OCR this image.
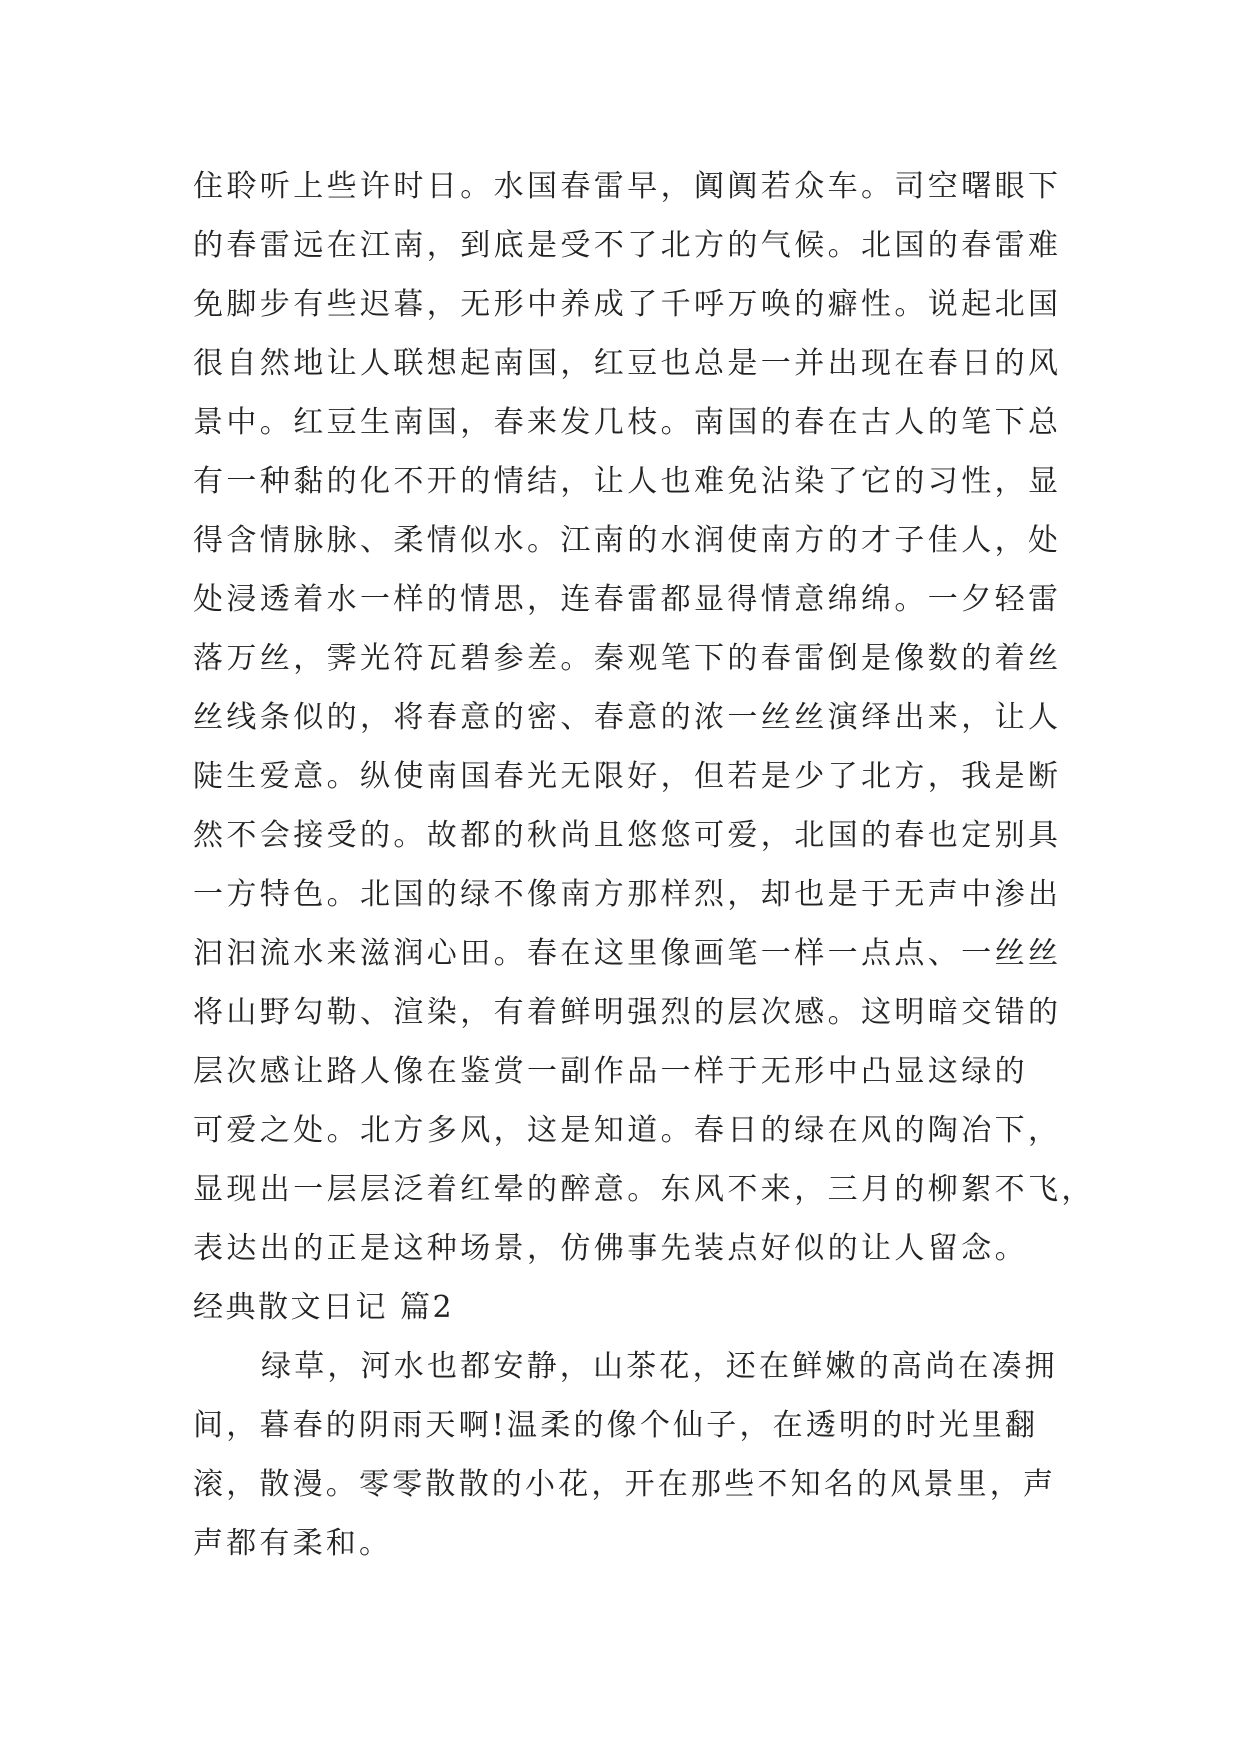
住聆听上些许时日。水国春雷早，阗阗若众车。司空曙眼下
的春雷远在江南，到底是受不了北方的气候。北国的春雷难
免脚步有些迟暮，无形中养成了千呼万唤的癖性。说起北国
很自然地让人联想起南国，红豆也总是一并出现在春日的风
景中。红豆生南国，春来发几枝。南国的春在古人的笔下总
有一种黏的化不开的情结，让人也难免沾染了它的习性，显
得含情脉脉、柔情似水。江南的水润使南方的才子佳人，处
处浸透着水一样的情思，连春雷都显得情意绵绵。一夕轻雷
落万丝，霁光符瓦碧参差。秦观笔下的春雷倒是像数的着丝
丝线条似的，将春意的密、春意的浓一丝丝演绎出来，让人
陡生爱意。纵使南国春光无限好，但若是少了北方，我是断
然不会接受的。故都的秋尚且悠悠可爱，北国的春也定别具
一方特色。北国的绿不像南方那样烈，却也是于无声中渗出
汩汩流水来滋润心田。春在这里像画笔一样一点点、一丝丝
将山野勾勒、渲染，有着鲜明强烈的层次感。这明暗交错的
层次感让路人像在鉴赏一副作品一样于无形中凸显这绿的
可爱之处。北方多风，这是知道。春日的绿在风的陶冶下，
显现出一层层泛着红晕的醉意。东风不来，三月的柳絮不飞，
表达出的正是这种场景，仿佛事先装点好似的让人留念。
经典散文日记 篇2
绿草，河水也都安静，山茶花，还在鲜嫩的高尚在凑拥
间，暮春的阴雨天啊!温柔的像个仙子，在透明的时光里翻
滚，散漫。零零散散的小花，开在那些不知名的风景里，声
声都有柔和。
